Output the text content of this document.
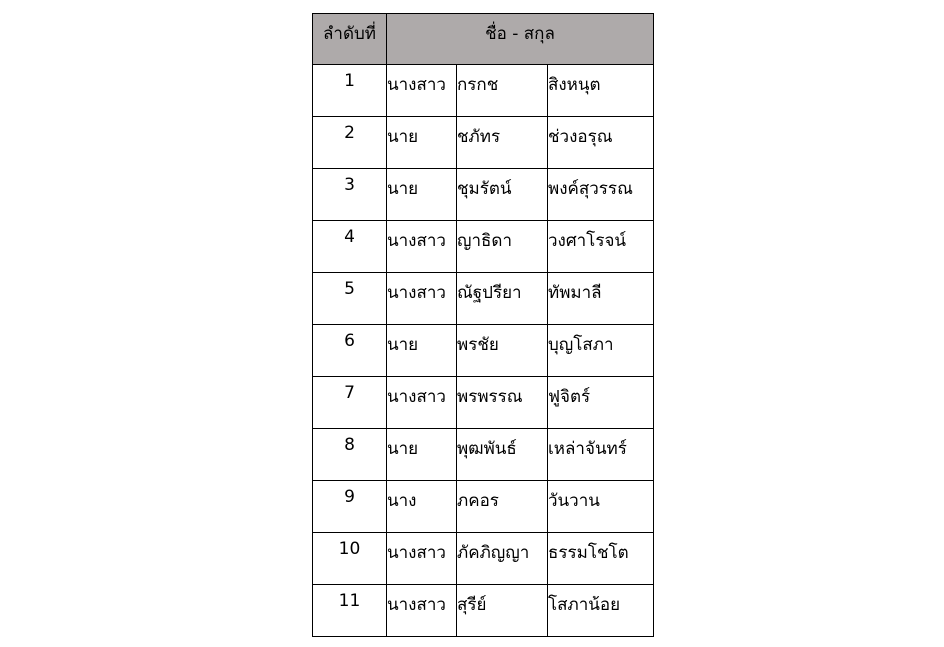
ลำดับที่	ชื่อ - สกุล		
1	นางสาว	กรกช	สิงหนุต
2	นาย	ชภัทร	ช่วงอรุณ
3	นาย	ชุมรัตน์	พงค์สุวรรณ
4	นางสาว	ญาธิดา	วงศาโรจน์
5	นางสาว	ณัฐปรียา	ทัพมาลี
6	นาย	พรชัย	บุญโสภา
7	นางสาว	พรพรรณ	ฟูจิตร์
8	นาย	พุฒพันธ์	เหล่าจันทร์
9	นาง	ภคอร	วันวาน
10	นางสาว	ภัคภิญญา	ธรรมโชโต
11	นางสาว	สุรีย์	โสภาน้อย
